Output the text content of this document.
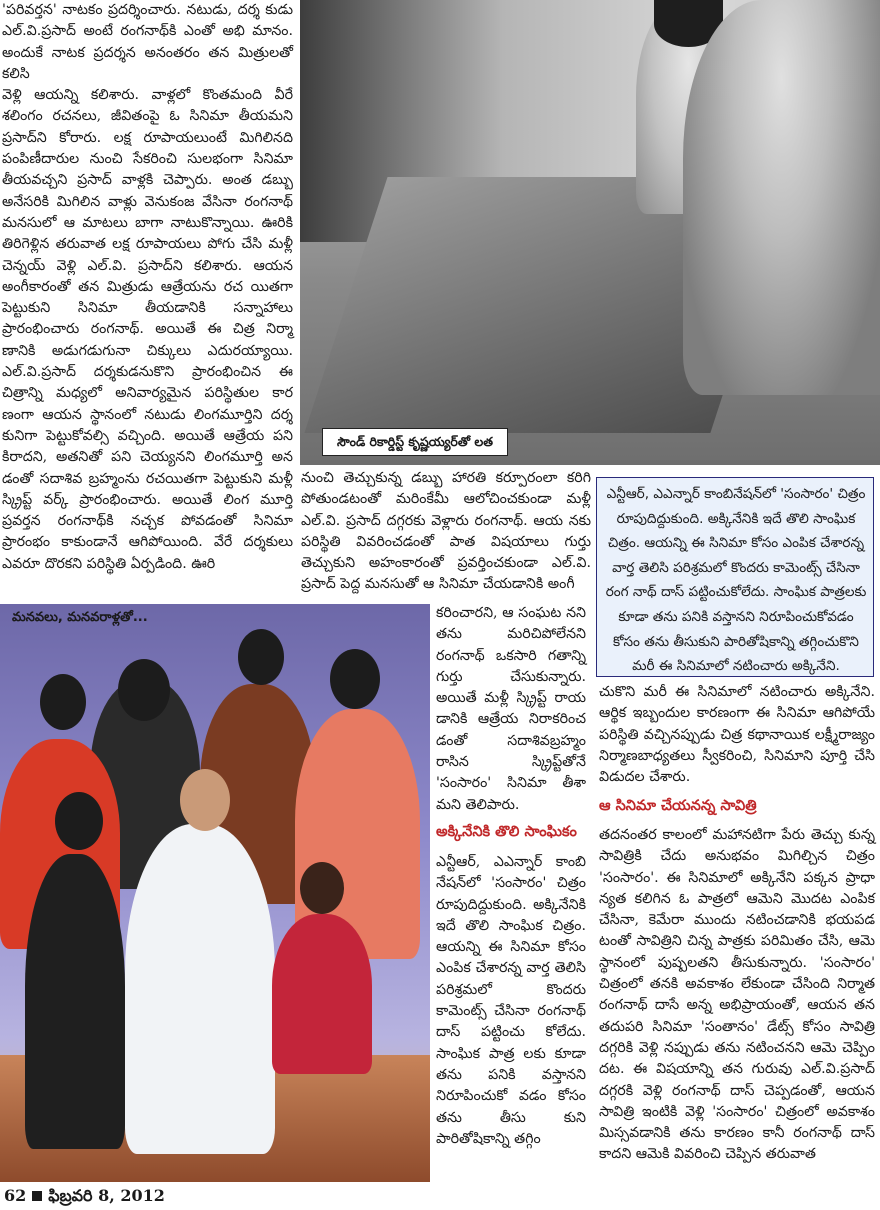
'పరివర్తన' నాటకం ప్రదర్శించారు. నటుడు, దర్శ కుడు ఎల్.వి.ప్రసాద్ అంటే రంగనాథ్‌కి ఎంతో అభి మానం. అందుకే నాటక ప్రదర్శన అనంతరం తన మిత్రులతో కలిసి

వెళ్లి ఆయన్ని కలిశారు. వాళ్లలో కొంతమంది వీరే శలింగం రచనలు, జీవితంపై ఓ సినిమా తీయమని ప్రసాద్‌ని కోరారు. లక్ష రూపాయలుంటే మిగిలినది పంపిణీదారుల నుంచి సేకరించి సులభంగా సినిమా తీయవచ్చని ప్రసాద్ వాళ్లకి చెప్పారు. అంత డబ్బు అనేసరికి మిగిలిన వాళ్లు వెనుకంజ వేసినా రంగనాథ్ మనసులో ఆ మాటలు బాగా నాటుకొన్నాయి. ఊరికి తిరిగెళ్లిన తరువాత లక్ష రూపాయలు పోగు చేసి మళ్లీ చెన్నయ్ వెళ్లి ఎల్.వి. ప్రసాద్‌ని కలిశారు. ఆయన అంగీకారంతో తన మిత్రుడు ఆత్రేయను రచ యితగా పెట్టుకుని సినిమా తీయడానికి సన్నాహాలు ప్రారంభించారు రంగనాథ్. అయితే ఈ చిత్ర నిర్మా ణానికి అడుగడుగునా చిక్కులు ఎదురయ్యాయి. ఎల్.వి.ప్రసాద్ దర్శకుడనుకొని ప్రారంభించిన ఈ చిత్రాన్ని మధ్యలో అనివార్యమైన పరిస్థితుల కార ణంగా ఆయన స్థానంలో నటుడు లింగమూర్తిని దర్శ కునిగా పెట్టుకోవల్సి వచ్చింది. అయితే ఆత్రేయ పని కిరాదని, అతనితో పని చెయ్యనని లింగమూర్తి అన డంతో సదాశివ బ్రహ్మంను రచయితగా పెట్టుకుని మళ్లీ స్క్రిప్ట్ వర్క్ ప్రారంభించారు. అయితే లింగ మూర్తి ప్రవర్తన రంగనాథ్‌కి నచ్చక పోవడంతో సినిమా ప్రారంభం కాకుండానే ఆగిపోయింది. వేరే దర్శకులు ఎవరూ దొరకని పరిస్థితి ఏర్పడింది. ఊరి

సౌండ్ రికార్డిస్ట్ కృష్ణయ్యర్‌తో లత
నుంచి తెచ్చుకున్న డబ్బు హారతి కర్పూరంలా కరిగి పోతుండటంతో మరింకేమీ ఆలోచించకుండా మళ్లీ ఎల్.వి. ప్రసాద్ దగ్గరకు వెళ్లారు రంగనాథ్. ఆయ నకు పరిస్థితి వివరించడంతో పాత విషయాలు గుర్తు తెచ్చుకుని అహంకారంతో ప్రవర్తించకుండా ఎల్.వి. ప్రసాద్ పెద్ద మనసుతో ఆ సినిమా చేయడానికి అంగీ
ఎన్టీఆర్, ఎఎన్నార్ కాంబినేషన్‌లో 'సంసారం' చిత్రం రూపుదిద్దుకుంది. అక్కినేనికి ఇదే తొలి సాంఘిక చిత్రం. ఆయన్ని ఈ సినిమా కోసం ఎంపిక చేశారన్న వార్త తెలిసి పరిశ్రమలో కొందరు కామెంట్స్ చేసినా రంగ నాథ్ దాస్ పట్టించుకోలేదు. సాంఘిక పాత్రలకు కూడా తను పనికి వస్తానని నిరూపించుకోవడం కోసం తను తీసుకుని పారితోషికాన్ని తగ్గించుకొని మరీ ఈ సినిమాలో నటించారు అక్కినేని.
మనవలు, మనవరాళ్లతో...	కరించారని, ఆ సంఘట నని తను మరిచిపోలేనని రంగనాథ్ ఒకసారి గతాన్ని గుర్తు చేసుకున్నారు. అయితే మళ్లీ స్క్రిప్ట్ రాయ డానికి ఆత్రేయ నిరాకరించ డంతో సదాశివబ్రహ్మం రాసిన స్క్రిప్ట్‌తోనే 'సంసారం' సినిమా తీశా మని తెలిపారు.
అక్కినేనికి తొలి సాంఘికం
ఎన్టీఆర్, ఎఎన్నార్ కాంబి నేషన్‌లో 'సంసారం' చిత్రం రూపుదిద్దుకుంది. అక్కినేనికి ఇదే తొలి సాంఘిక చిత్రం. ఆయన్ని ఈ సినిమా కోసం ఎంపిక చేశారన్న వార్త తెలిసి పరిశ్రమలో కొందరు కామెంట్స్ చేసినా రంగనాథ్ దాస్ పట్టించు కోలేదు. సాంఘిక పాత్ర లకు కూడా తను పనికి వస్తానని నిరూపించుకో వడం కోసం తను తీసు కుని పారితోషికాన్ని తగ్గిం
చుకొని మరీ ఈ సినిమాలో నటించారు అక్కినేని. ఆర్థిక ఇబ్బందుల కారణంగా ఈ సినిమా ఆగిపోయే పరిస్థితి వచ్చినప్పుడు చిత్ర కథానాయిక లక్ష్మీరాజ్యం నిర్మాణబాధ్యతలు స్వీకరించి, సినిమాని పూర్తి చేసి విడుదల చేశారు.
ఆ సినిమా చేయనన్న సావిత్రి
తదనంతర కాలంలో మహానటిగా పేరు తెచ్చు కున్న సావిత్రికి చేదు అనుభవం మిగిల్చిన చిత్రం 'సంసారం'. ఈ సినిమాలో అక్కినేని పక్కన ప్రాధా న్యత కలిగిన ఓ పాత్రలో ఆమెని మొదట ఎంపిక చేసినా, కెమేరా ముందు నటించడానికి భయపడ టంతో సావిత్రిని చిన్న పాత్రకు పరిమితం చేసి, ఆమె స్థానంలో పుష్పలతని తీసుకున్నారు. 'సంసారం' చిత్రంలో తనకి అవకాశం లేకుండా చేసింది నిర్మాత రంగనాథ్ దాసే అన్న అభిప్రాయంతో, ఆయన తన తదుపరి సినిమా 'సంతానం' డేట్స్ కోసం సావిత్రి దగ్గరికి వెళ్లి నప్పుడు తను నటించనని ఆమె చెప్పిం దట. ఈ విషయాన్ని తన గురువు ఎల్.వి.ప్రసాద్ దగ్గరకి వెళ్లి రంగనాథ్ దాస్ చెప్పడంతో, ఆయన సావిత్రి ఇంటికి వెళ్లి 'సంసారం' చిత్రంలో అవకాశం మిస్సవడానికి తను కారణం కానీ రంగనాథ్ దాస్ కాదని ఆమెకి వివరించి చెప్పిన తరువాత
62 ఫిబ్రవరి 8, 2012
